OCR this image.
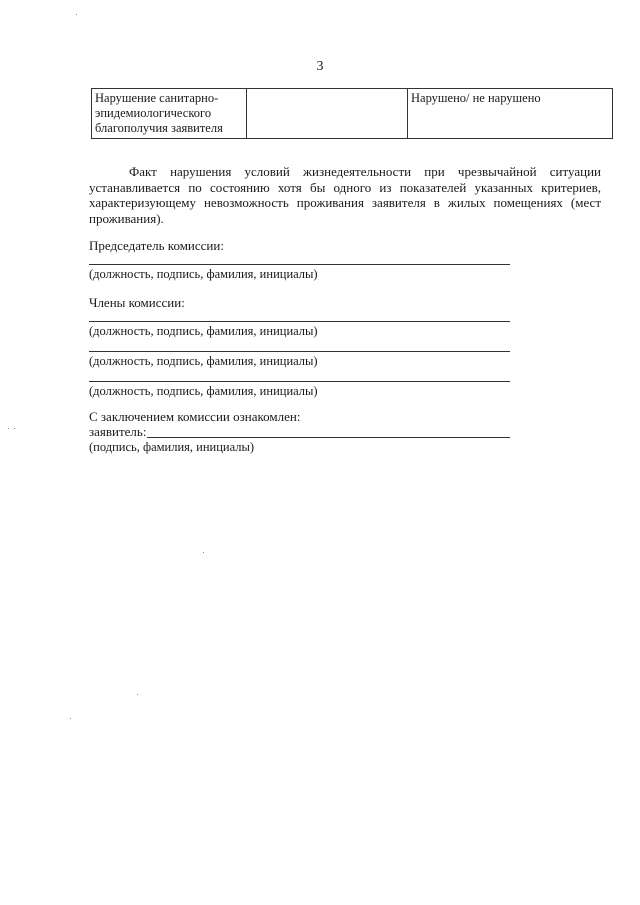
3
Нарушение санитарно-эпидемиологического благополучия заявителя		Нарушено/ не нарушено

Факт нарушения условий жизнедеятельности при чрезвычайной ситуации устанавливается по состоянию хотя бы одного из показателей указанных критериев, характеризующему невозможность проживания заявителя в жилых помещениях (мест проживания).

Председатель комиссии:
(должность, подпись, фамилия, инициалы)
Члены комиссии:
(должность, подпись, фамилия, инициалы)
(должность, подпись, фамилия, инициалы)
(должность, подпись, фамилия, инициалы)
С заключением комиссии ознакомлен:
заявитель:
(подпись, фамилия, инициалы)
